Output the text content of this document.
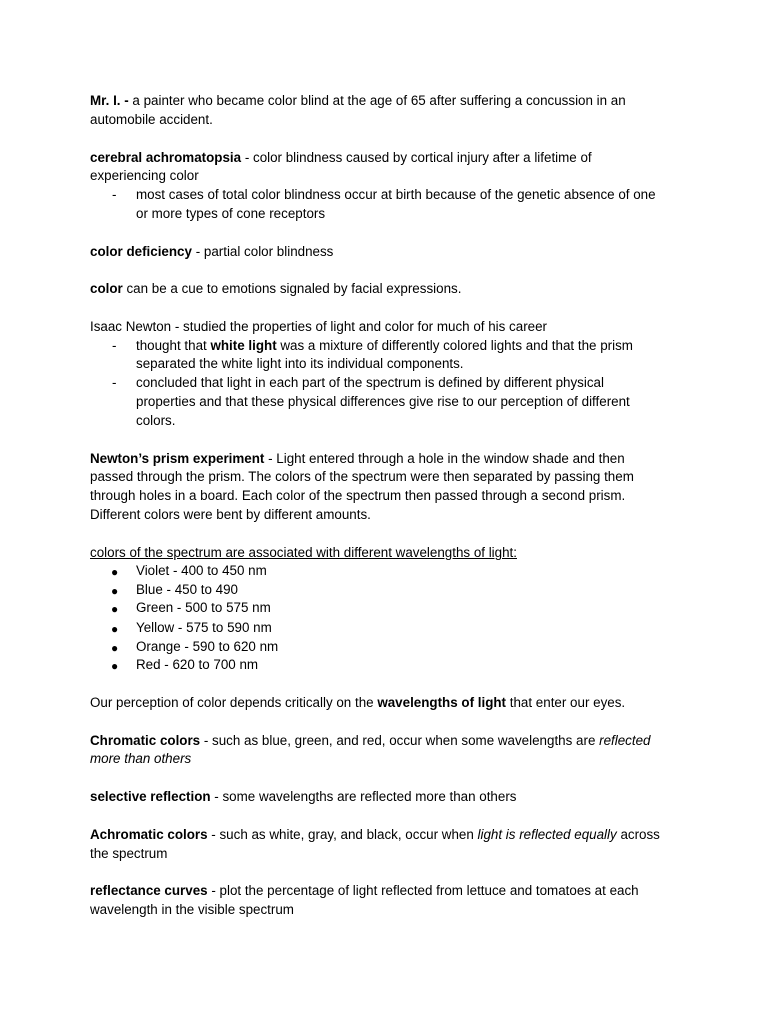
Mr. I. - a painter who became color blind at the age of 65 after suffering a concussion in an
automobile accident.
cerebral achromatopsia - color blindness caused by cortical injury after a lifetime of
experiencing color
- most cases of total color blindness occur at birth because of the genetic absence of one
or more types of cone receptors
color deficiency - partial color blindness
color can be a cue to emotions signaled by facial expressions.
Isaac Newton - studied the properties of light and color for much of his career
- thought that white light was a mixture of differently colored lights and that the prism
separated the white light into its individual components.
- concluded that light in each part of the spectrum is defined by different physical
properties and that these physical differences give rise to our perception of different
colors.
Newton’s prism experiment - Light entered through a hole in the window shade and then
passed through the prism. The colors of the spectrum were then separated by passing them
through holes in a board. Each color of the spectrum then passed through a second prism.
Different colors were bent by different amounts.
colors of the spectrum are associated with different wavelengths of light:
● Violet - 400 to 450 nm
● Blue - 450 to 490
● Green - 500 to 575 nm
● Yellow - 575 to 590 nm
● Orange - 590 to 620 nm
● Red - 620 to 700 nm
Our perception of color depends critically on the wavelengths of light that enter our eyes.
Chromatic colors - such as blue, green, and red, occur when some wavelengths are reflected
more than others
selective reflection - some wavelengths are reflected more than others
Achromatic colors - such as white, gray, and black, occur when light is reflected equally across
the spectrum
reflectance curves - plot the percentage of light reflected from lettuce and tomatoes at each
wavelength in the visible spectrum
